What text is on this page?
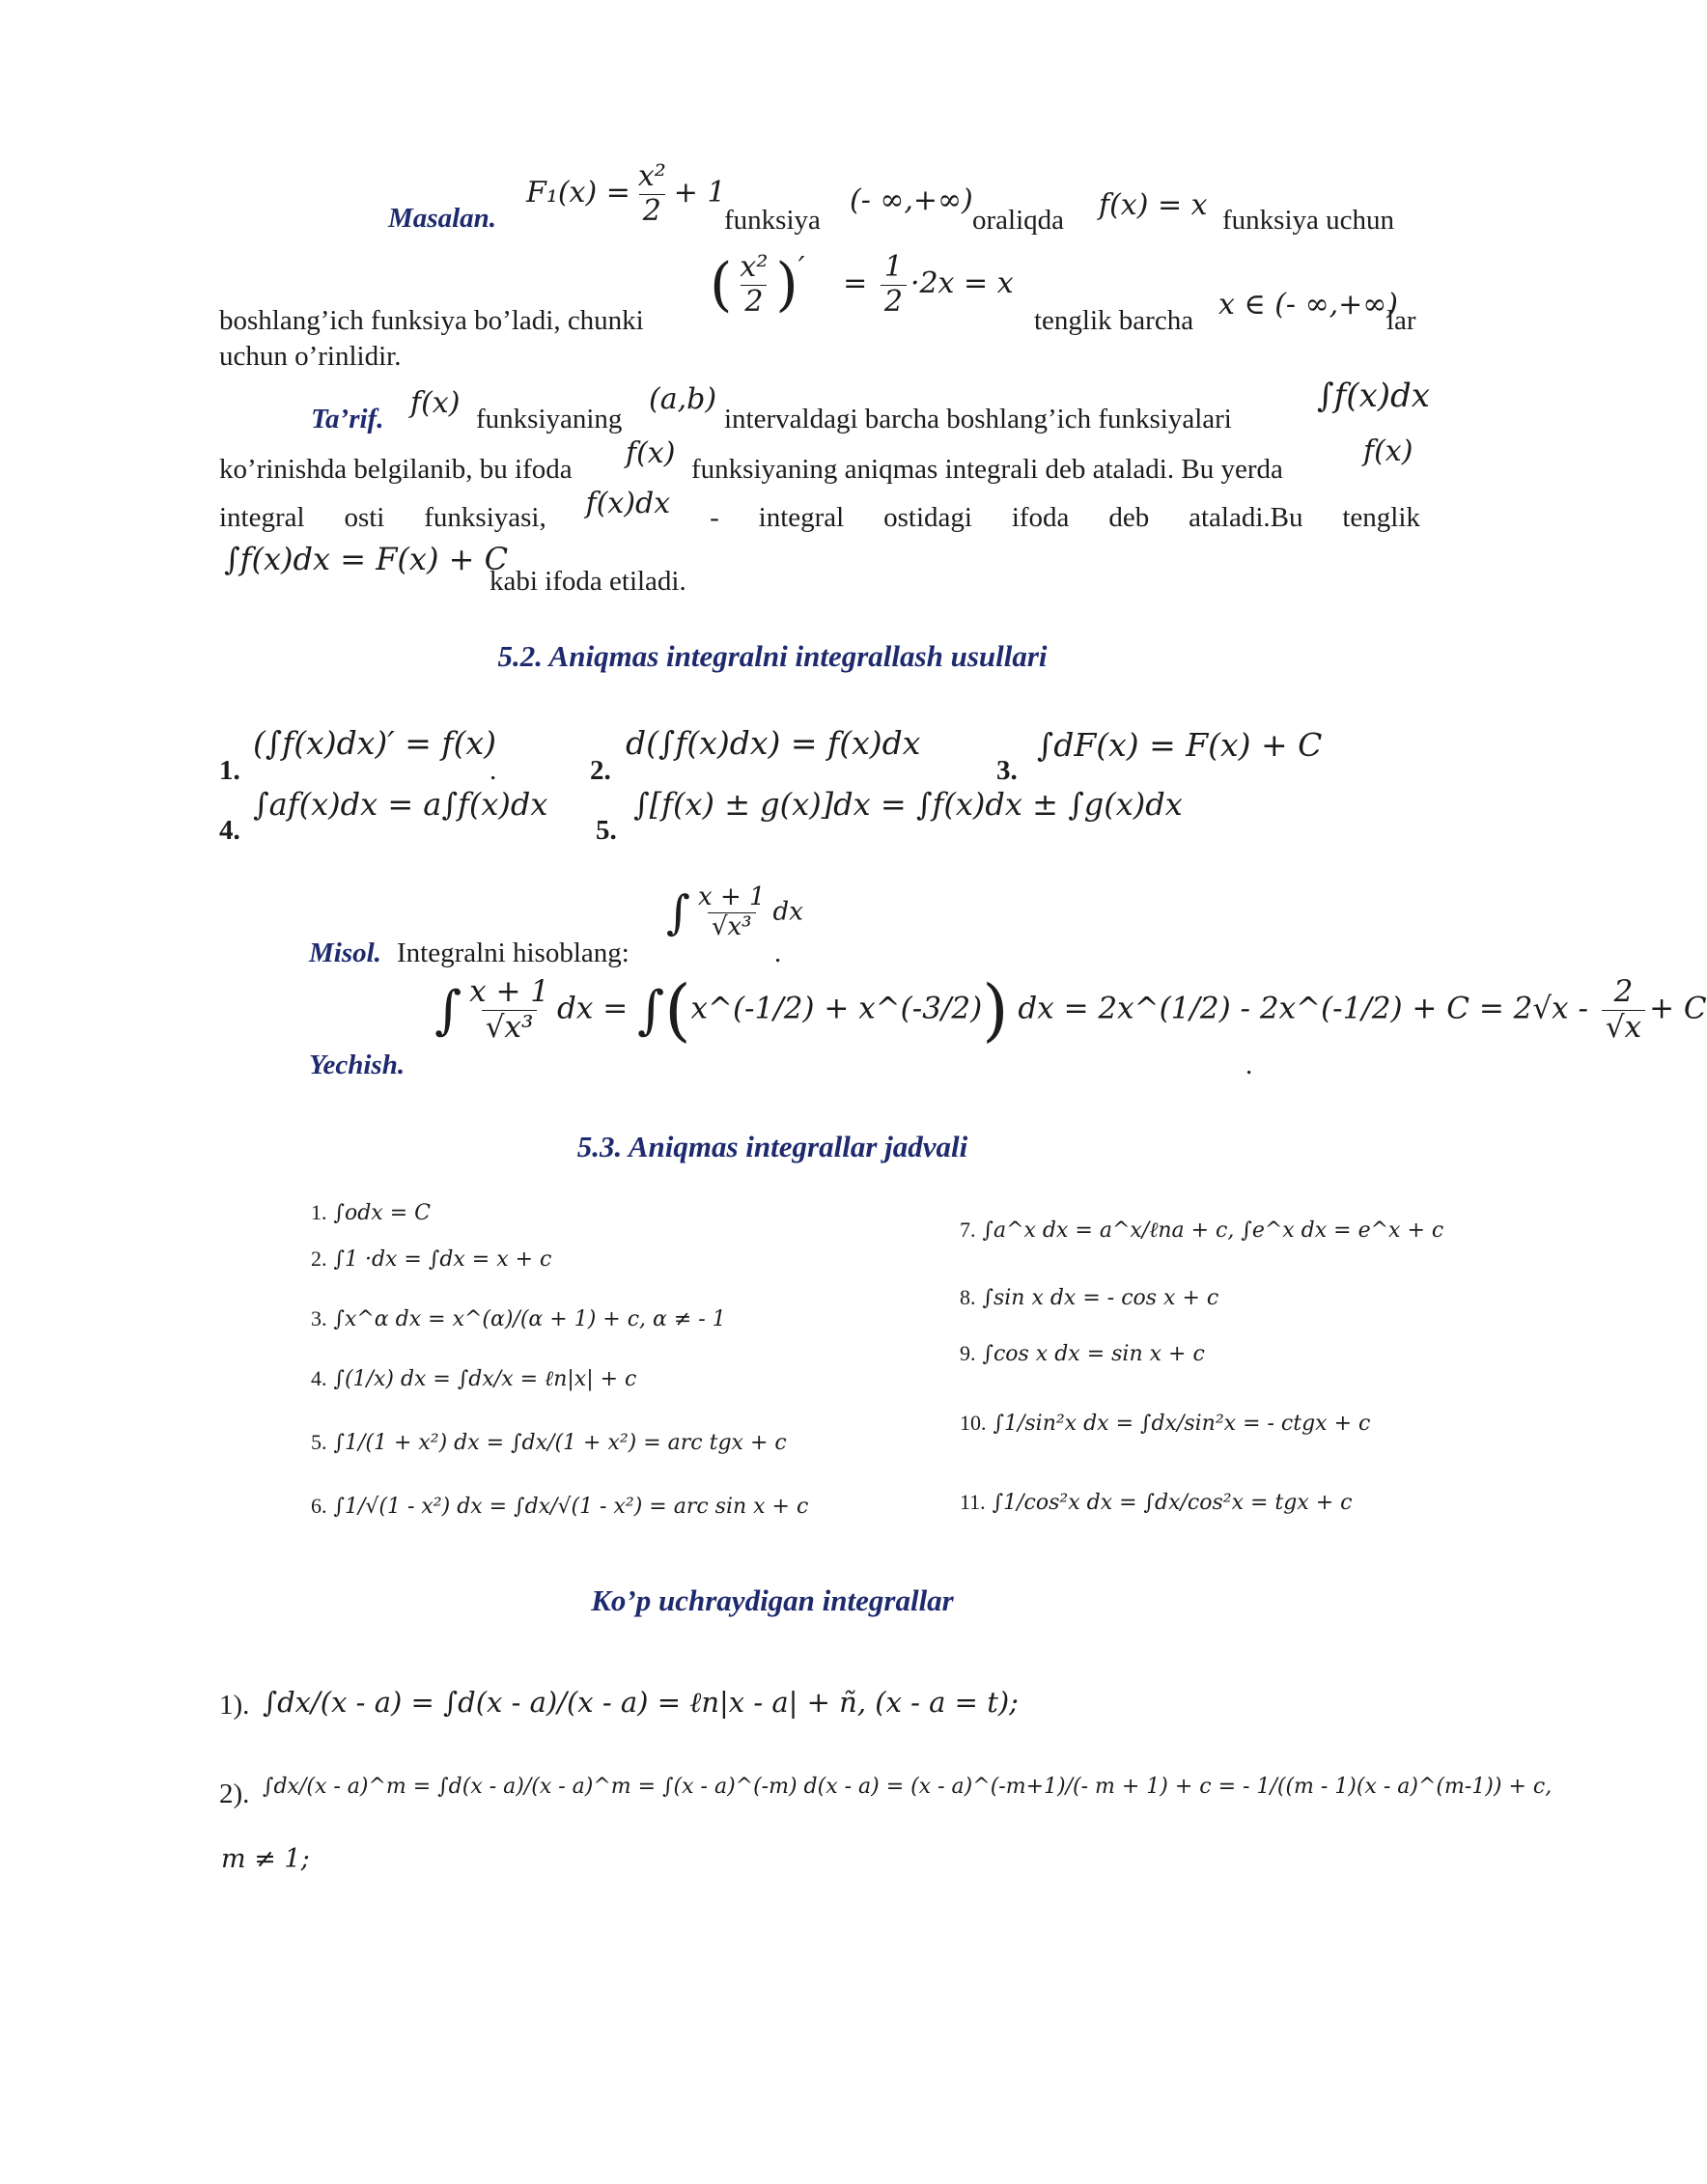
Masalan.
$F_1(x) = \frac{\text{x²}}{2} + 1$
funksiya
(- ∞,+∞)
oraliqda f(x) = x funksiya uchun
boshlang’ich funksiya bo’ladi, chunki
( $\frac{\text{x²}}{2}$ )′ = $\frac{1}{2} \cdot 2x = x$
tenglik barcha x ∈ (- ∞,+∞)
lar
uchun o’rinlidir.
Ta’rif. f(x) funksiyaning
(a,b)
intervaldagi barcha boshlang’ich funksiyalari
∫f(x)dx
ko’rinishda belgilanib, bu ifoda f(x) funksiyaning aniqmas integrali deb ataladi. Bu yerda
f(x)
integral osti funksiyasi, f(x)dx - integral ostidagi ifoda deb ataladi.Bu tenglik
∫f(x)dx = F(x) + C
kabi ifoda etiladi.
5.2. Aniqmas integralni integrallash usullari
1.
(∫f(x)dx)′ = f(x)
.	2.
d(∫f(x)dx) = f(x)dx
3.
∫dF(x) = F(x) + C
4.
∫af(x)dx = a∫f(x)dx
5.
∫[f(x) ± g(x)]dx = ∫f(x)dx ± ∫g(x)dx
Misol. Integralni hisoblang:
∫ $\frac{x + 1}{\text{√x³}}$ dx
.
Yechish.
∫ $\frac{x + 1}{\text{√x³}}$ dx = ∫(x^(-1/2) + x^(-3/2)) dx = 2x^(1/2) - 2x^(-1/2) + $C = 2√x - \frac{2}{√x} + C$
.
5.3. Aniqmas integrallar jadvali
1. ∫odx = C
2. ∫1 ·dx = ∫dx = x + c
3. ∫x^α dx = x^(α)/(α + 1) + c, α ≠ - 1
4. ∫(1/x) dx = ∫dx/x = ℓn|x| + c
5. ∫1/(1 + x²) dx = ∫dx/(1 + x²) = arc tgx + c
6. ∫1/√(1 - x²) dx = ∫dx/√(1 - x²) = arc sin x + c
7. ∫a^x dx = a^x/ℓna + c, ∫e^x dx = e^x + c
8. ∫sin x dx = - cos x + c
9. ∫cos x dx = sin x + c
10. ∫1/sin²x dx = ∫dx/sin²x = - ctgx + c
11. ∫1/cos²x dx = ∫dx/cos²x = tgx + c
Ko’p uchraydigan integrallar
1). ∫dx/(x - a) = ∫d(x - a)/(x - a) = ℓn|x - a| + ñ, (x - a = t);
2). ∫dx/(x - a)^m = ∫d(x - a)/(x - a)^m = ∫(x - a)^(-m) d(x - a) = (x - a)^(-m+1)/(- m + 1) + c = - 1/((m - 1)(x - a)^(m-1)) + c,
m ≠ 1;
